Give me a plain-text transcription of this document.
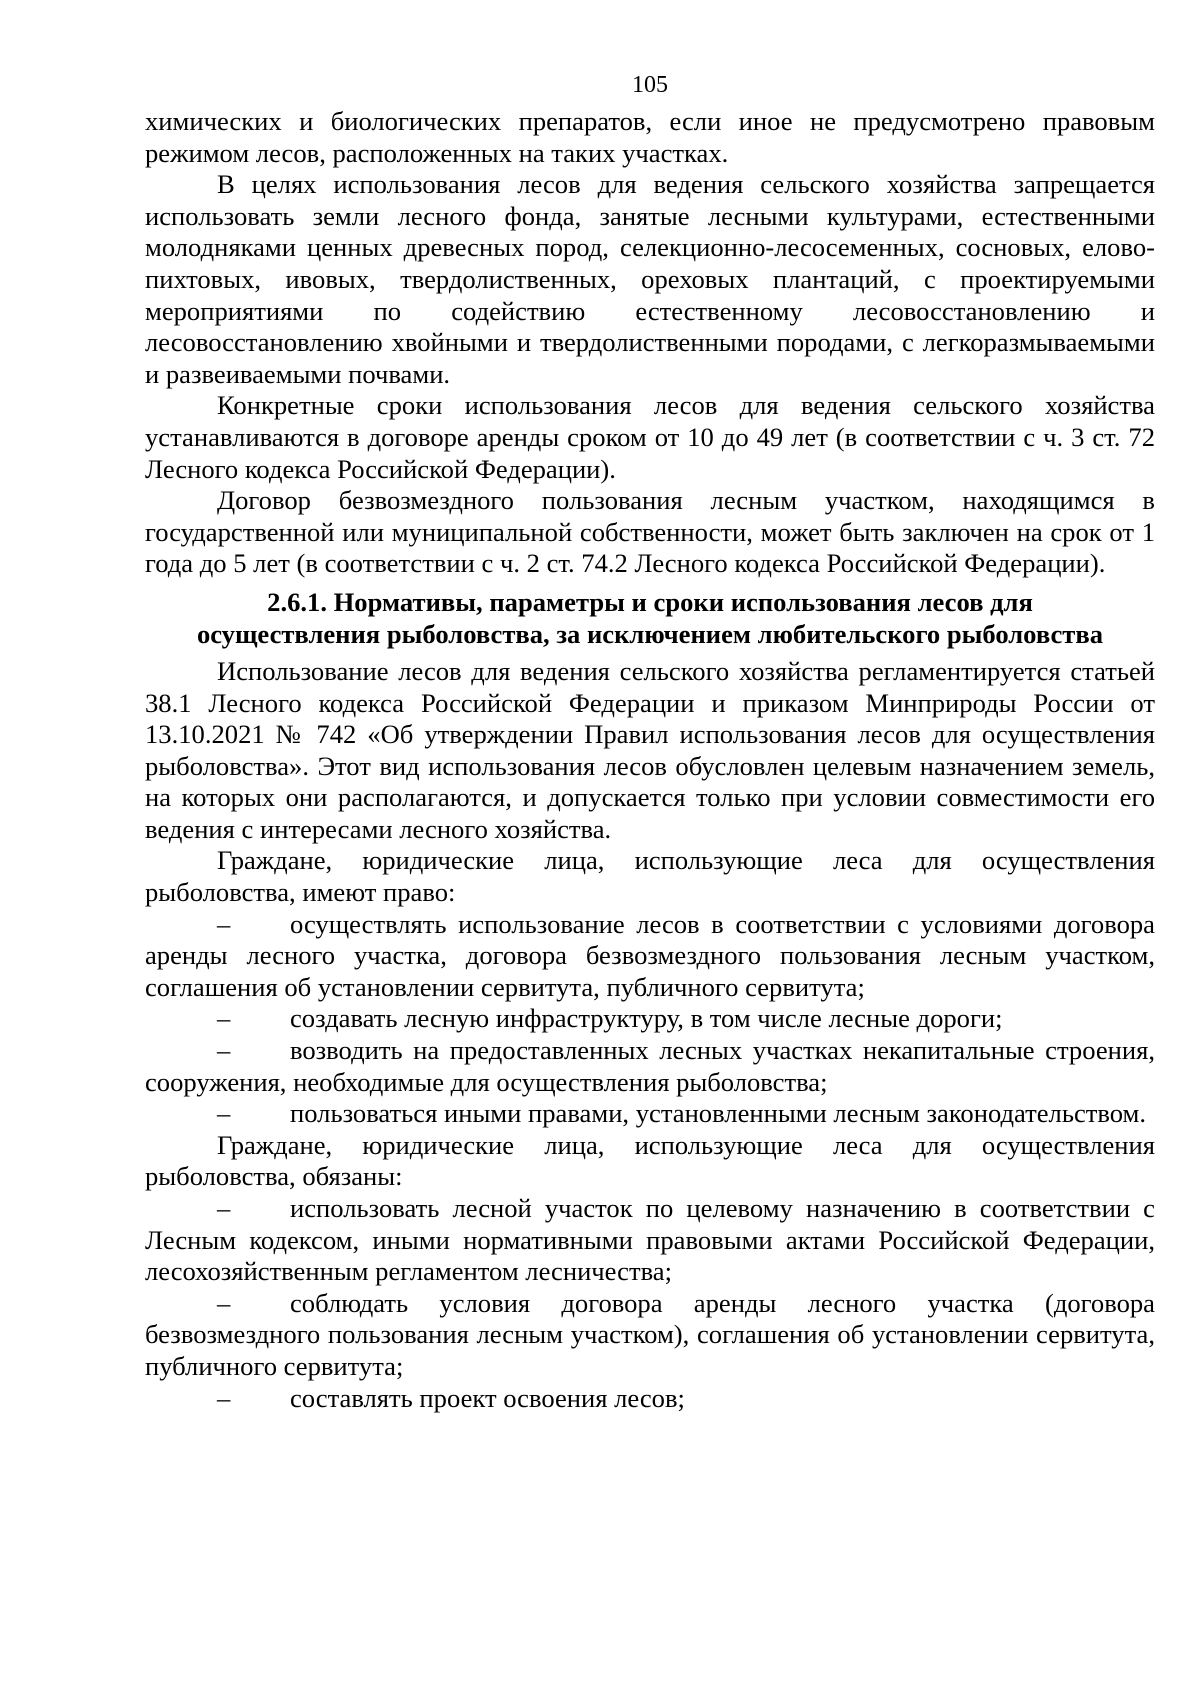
105

химических и биологических препаратов, если иное не предусмотрено правовым режимом лесов, расположенных на таких участках.

В целях использования лесов для ведения сельского хозяйства запрещается использовать земли лесного фонда, занятые лесными культурами, естественными молодняками ценных древесных пород, селекционно-лесосеменных, сосновых, елово-пихтовых, ивовых, твердолиственных, ореховых плантаций, с проектируемыми мероприятиями по содействию естественному лесовосстановлению и лесовосстановлению хвойными и твердолиственными породами, с легкоразмываемыми и развеиваемыми почвами.

Конкретные сроки использования лесов для ведения сельского хозяйства устанавливаются в договоре аренды сроком от 10 до 49 лет (в соответствии с ч. 3 ст. 72 Лесного кодекса Российской Федерации).

Договор безвозмездного пользования лесным участком, находящимся в государственной или муниципальной собственности, может быть заключен на срок от 1 года до 5 лет (в соответствии с ч. 2 ст. 74.2 Лесного кодекса Российской Федерации).

2.6.1. Нормативы, параметры и сроки использования лесов для
осуществления рыболовства, за исключением любительского рыболовства

Использование лесов для ведения сельского хозяйства регламентируется статьей 38.1 Лесного кодекса Российской Федерации и приказом Минприроды России от 13.10.2021 № 742 «Об утверждении Правил использования лесов для осуществления рыболовства». Этот вид использования лесов обусловлен целевым назначением земель, на которых они располагаются, и допускается только при условии совместимости его ведения с интересами лесного хозяйства.

Граждане, юридические лица, использующие леса для осуществления рыболовства, имеют право:

– осуществлять использование лесов в соответствии с условиями договора аренды лесного участка, договора безвозмездного пользования лесным участком, соглашения об установлении сервитута, публичного сервитута;

– создавать лесную инфраструктуру, в том числе лесные дороги;

– возводить на предоставленных лесных участках некапитальные строения, сооружения, необходимые для осуществления рыболовства;

– пользоваться иными правами, установленными лесным законодательством.

Граждане, юридические лица, использующие леса для осуществления рыболовства, обязаны:

– использовать лесной участок по целевому назначению в соответствии с Лесным кодексом, иными нормативными правовыми актами Российской Федерации, лесохозяйственным регламентом лесничества;

– соблюдать условия договора аренды лесного участка (договора безвозмездного пользования лесным участком), соглашения об установлении сервитута, публичного сервитута;

– составлять проект освоения лесов;
